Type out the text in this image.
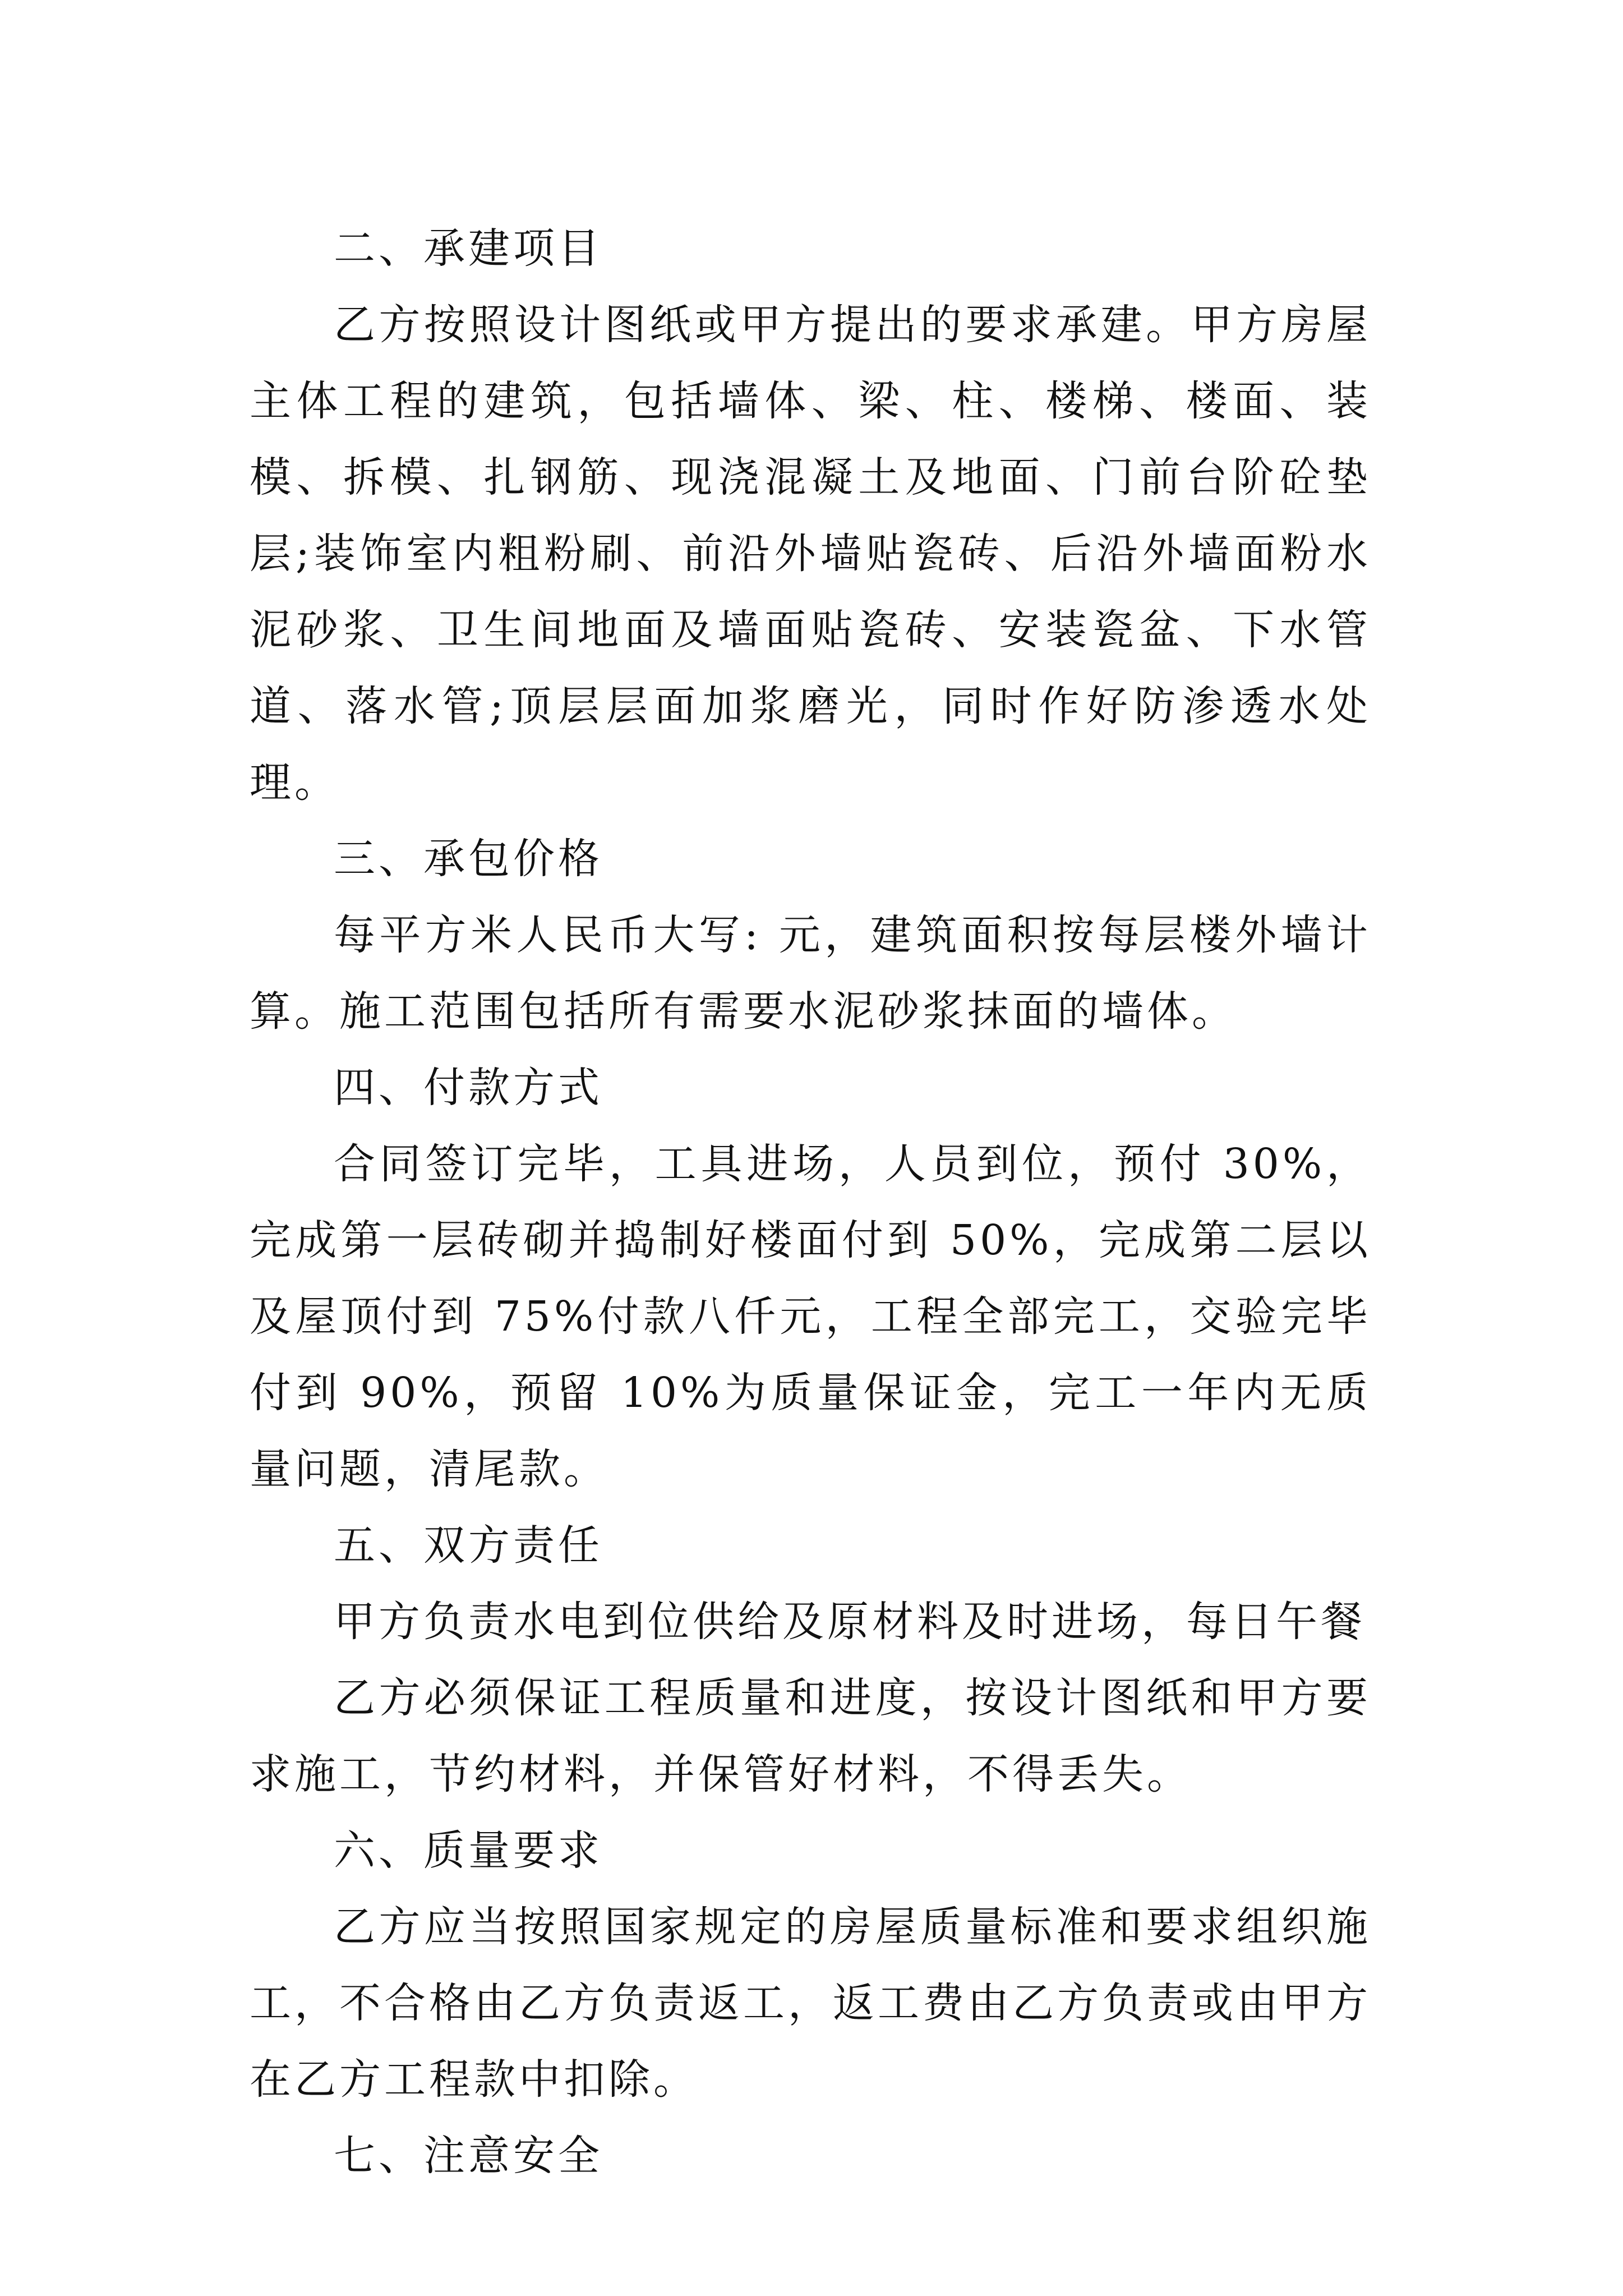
二、承建项目

乙方按照设计图纸或甲方提出的要求承建。甲方房屋主体工程的建筑，包括墙体、梁、柱、楼梯、楼面、装模、拆模、扎钢筋、现浇混凝土及地面、门前台阶砼垫层;装饰室内粗粉刷、前沿外墙贴瓷砖、后沿外墙面粉水泥砂浆、卫生间地面及墙面贴瓷砖、安装瓷盆、下水管道、落水管;顶层层面加浆磨光，同时作好防渗透水处理。

三、承包价格

每平方米人民币大写: 元，建筑面积按每层楼外墙计算。施工范围包括所有需要水泥砂浆抹面的墙体。

四、付款方式

合同签订完毕，工具进场，人员到位，预付 30%，完成第一层砖砌并捣制好楼面付到 50%，完成第二层以及屋顶付到 75%付款八仟元，工程全部完工，交验完毕付到 90%，预留 10%为质量保证金，完工一年内无质量问题，清尾款。

五、双方责任

甲方负责水电到位供给及原材料及时进场，每日午餐

乙方必须保证工程质量和进度，按设计图纸和甲方要求施工，节约材料，并保管好材料，不得丢失。

六、质量要求

乙方应当按照国家规定的房屋质量标准和要求组织施工，不合格由乙方负责返工，返工费由乙方负责或由甲方在乙方工程款中扣除。

七、注意安全
